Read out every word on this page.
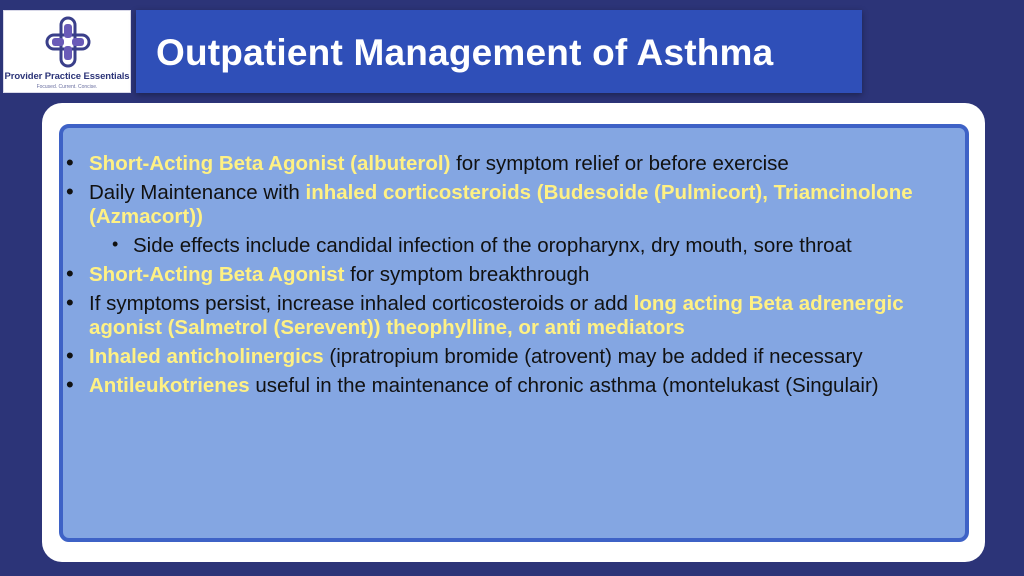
Provider Practice Essentials
Focused. Current. Concise.
Outpatient Management of Asthma
• Short-Acting Beta Agonist (albuterol) for symptom relief or before exercise
• Daily Maintenance with inhaled corticosteroids (Budesoide (Pulmicort), Triamcinolone (Azmacort))
• Side effects include candidal infection of the oropharynx, dry mouth, sore throat
• Short-Acting Beta Agonist for symptom breakthrough
• If symptoms persist, increase inhaled corticosteroids or add long acting Beta adrenergic agonist (Salmetrol (Serevent)) theophylline, or anti mediators
• Inhaled anticholinergics (ipratropium bromide (atrovent) may be added if necessary
• Antileukotrienes useful in the maintenance of chronic asthma (montelukast (Singulair)
